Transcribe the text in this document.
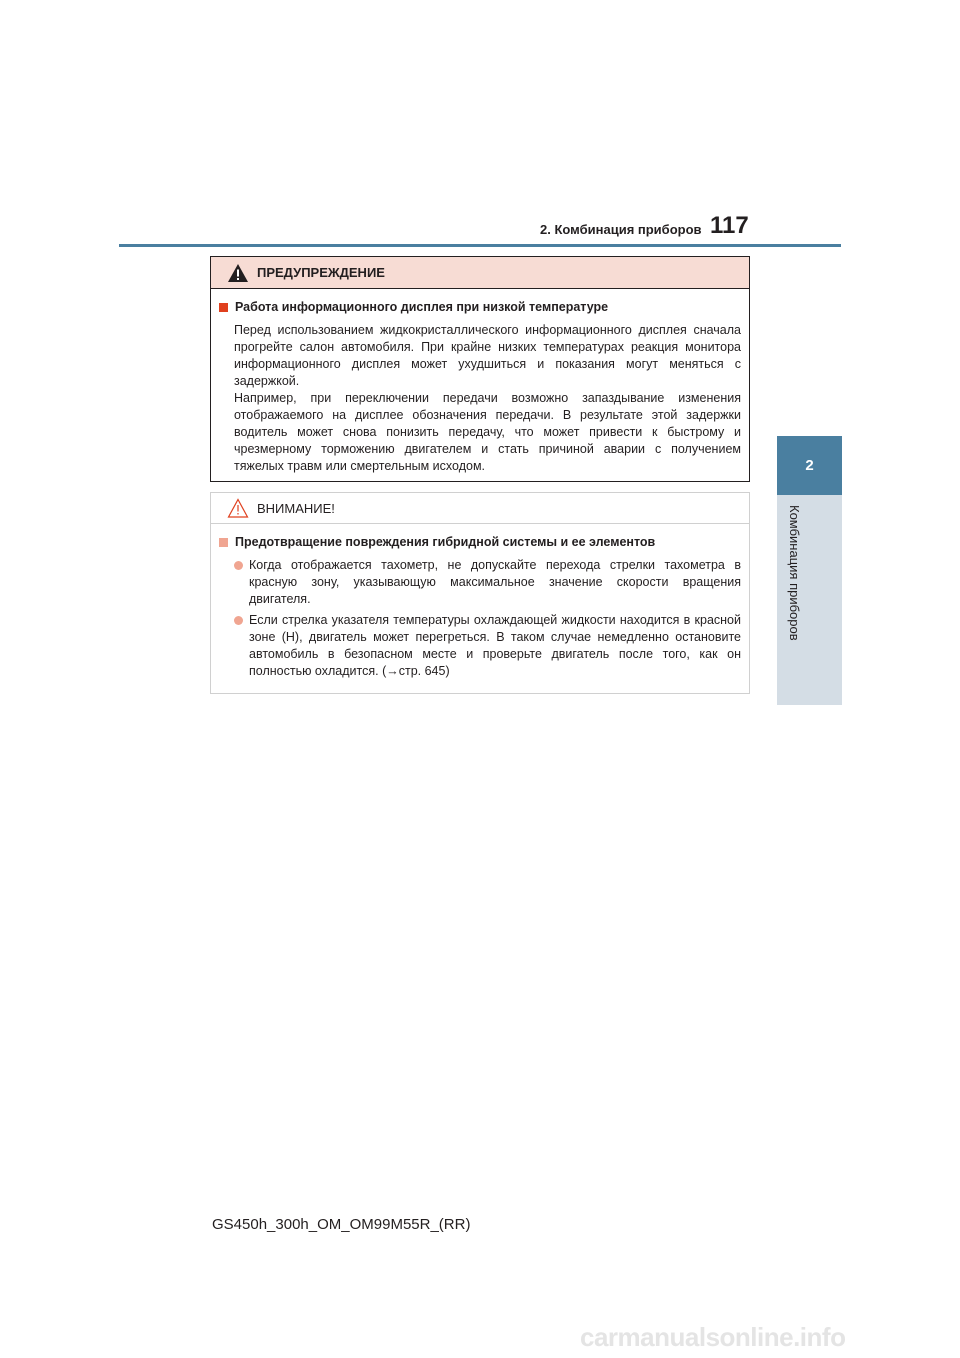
2. Комбинация приборов 117
2
Комбинация приборов
ПРЕДУПРЕЖДЕНИЕ
Работа информационного дисплея при низкой температуре

Перед использованием жидкокристаллического информационного дисплея сначала прогрейте салон автомобиля. При крайне низких температурах реакция монитора информационного дисплея может ухудшиться и показания могут меняться с задержкой.

Например, при переключении передачи возможно запаздывание изменения отображаемого на дисплее обозначения передачи. В результате этой задержки водитель может снова понизить передачу, что может привести к быстрому и чрезмерному торможению двигателем и стать причиной аварии с получением тяжелых травм или смертельным исходом.

ВНИМАНИЕ!
Предотвращение повреждения гибридной системы и ее элементов
Когда отображается тахометр, не допускайте перехода стрелки тахометра в красную зону, указывающую максимальное значение скорости вращения двигателя.
Если стрелка указателя температуры охлаждающей жидкости находится в красной зоне (H), двигатель может перегреться. В таком случае немедленно остановите автомобиль в безопасном месте и проверьте двигатель после того, как он полностью охладится. (→стр. 645)
GS450h_300h_OM_OM99M55R_(RR)
carmanualsonline.info
